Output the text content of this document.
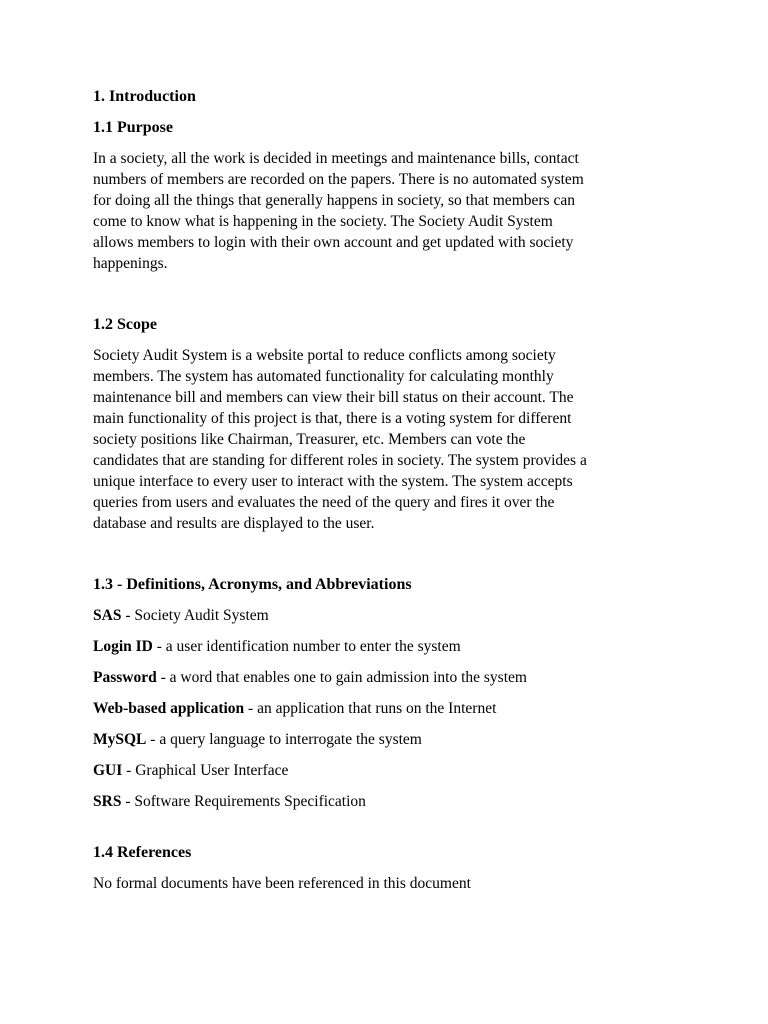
1. Introduction
1.1 Purpose

In a society, all the work is decided in meetings and maintenance bills, contact
numbers of members are recorded on the papers. There is no automated system
for doing all the things that generally happens in society, so that members can
come to know what is happening in the society. The Society Audit System
allows members to login with their own account and get updated with society
happenings.

1.2 Scope

Society Audit System is a website portal to reduce conflicts among society
members. The system has automated functionality for calculating monthly
maintenance bill and members can view their bill status on their account. The
main functionality of this project is that, there is a voting system for different
society positions like Chairman, Treasurer, etc. Members can vote the
candidates that are standing for different roles in society. The system provides a
unique interface to every user to interact with the system. The system accepts
queries from users and evaluates the need of the query and fires it over the
database and results are displayed to the user.

1.3 - Definitions, Acronyms, and Abbreviations

SAS - Society Audit System

Login ID - a user identification number to enter the system

Password - a word that enables one to gain admission into the system

Web-based application - an application that runs on the Internet

MySQL - a query language to interrogate the system

GUI - Graphical User Interface

SRS - Software Requirements Specification

1.4 References

No formal documents have been referenced in this document
